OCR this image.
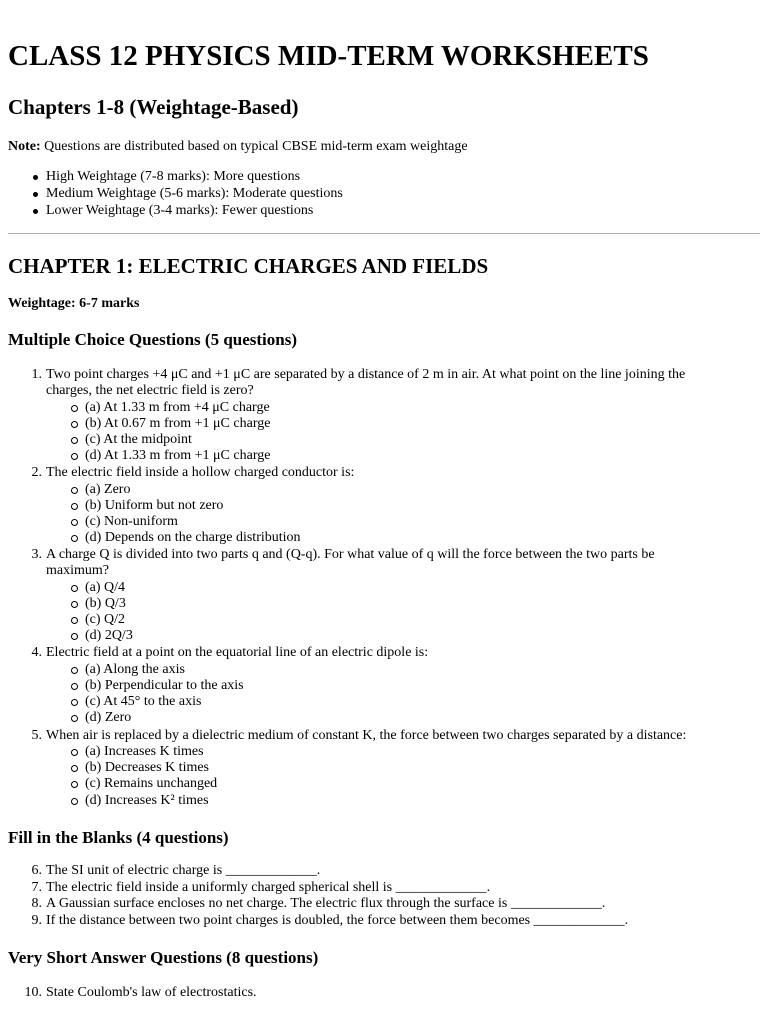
CLASS 12 PHYSICS MID-TERM WORKSHEETS
Chapters 1-8 (Weightage-Based)
Note: Questions are distributed based on typical CBSE mid-term exam weightage
High Weightage (7-8 marks): More questions
Medium Weightage (5-6 marks): Moderate questions
Lower Weightage (3-4 marks): Fewer questions
CHAPTER 1: ELECTRIC CHARGES AND FIELDS
Weightage: 6-7 marks
Multiple Choice Questions (5 questions)
1. Two point charges +4 μC and +1 μC are separated by a distance of 2 m in air. At what point on the line joining the
charges, the net electric field is zero?
(a) At 1.33 m from +4 μC charge
(b) At 0.67 m from +1 μC charge
(c) At the midpoint
(d) At 1.33 m from +1 μC charge
2. The electric field inside a hollow charged conductor is:
(a) Zero
(b) Uniform but not zero
(c) Non-uniform
(d) Depends on the charge distribution
3. A charge Q is divided into two parts q and (Q-q). For what value of q will the force between the two parts be
maximum?
(a) Q/4
(b) Q/3
(c) Q/2
(d) 2Q/3
4. Electric field at a point on the equatorial line of an electric dipole is:
(a) Along the axis
(b) Perpendicular to the axis
(c) At 45° to the axis
(d) Zero
5. When air is replaced by a dielectric medium of constant K, the force between two charges separated by a distance:
(a) Increases K times
(b) Decreases K times
(c) Remains unchanged
(d) Increases K² times
Fill in the Blanks (4 questions)
6. The SI unit of electric charge is _____________.
7. The electric field inside a uniformly charged spherical shell is _____________.
8. A Gaussian surface encloses no net charge. The electric flux through the surface is _____________.
9. If the distance between two point charges is doubled, the force between them becomes _____________.
Very Short Answer Questions (8 questions)
10. State Coulomb's law of electrostatics.
